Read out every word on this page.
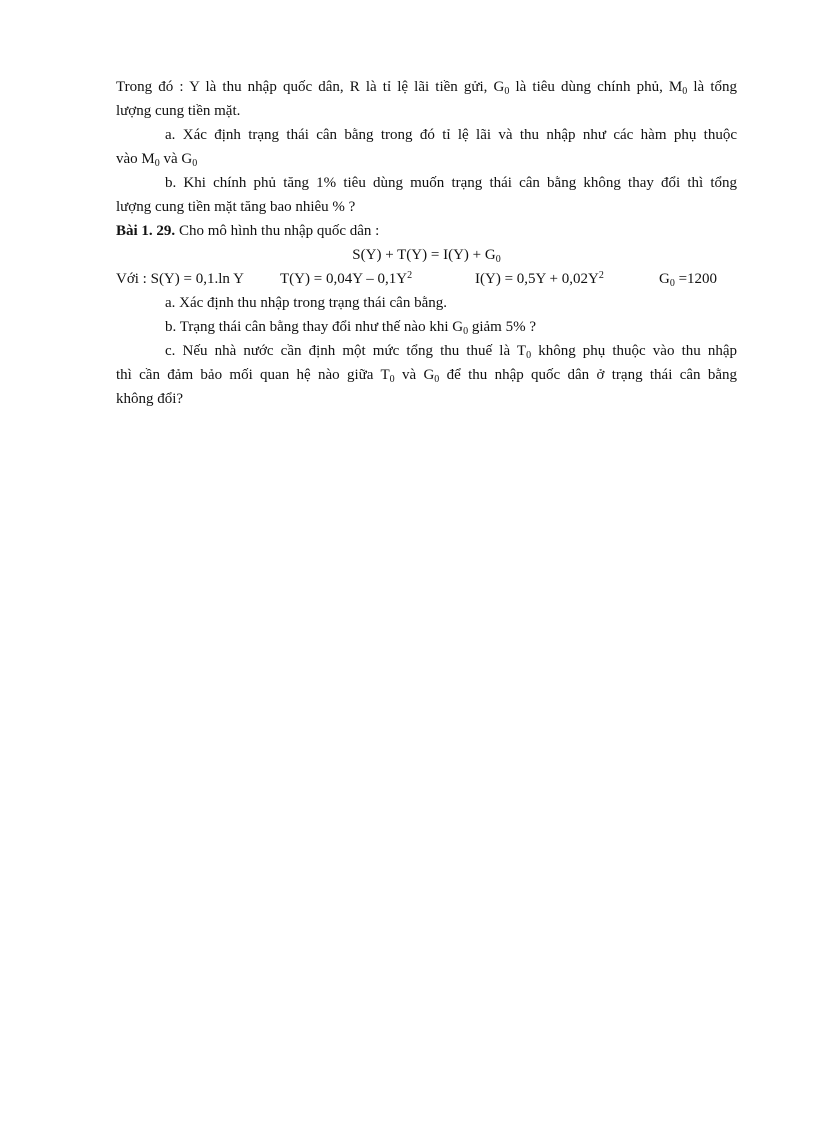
Trong đó : Y là thu nhập quốc dân, R là tỉ lệ lãi tiền gửi, $G_0$ là tiêu dùng chính phủ, $M_0$ là tổng
lượng cung tiền mặt.
a. Xác định trạng thái cân bằng trong đó tỉ lệ lãi và thu nhập như các hàm phụ thuộc
vào $M_0$ và $G_0$
b. Khi chính phủ tăng 1% tiêu dùng muốn trạng thái cân bằng không thay đổi thì tổng
lượng cung tiền mặt tăng bao nhiêu % ?
Bài 1. 29. Cho mô hình thu nhập quốc dân :
$S(Y) + T(Y) = I(Y) + G_0$
Với : S(Y) = 0,1.ln Y $T(Y) = 0,04Y - 0,1Y^2$	$I(Y) = 0,5Y + 0,02Y^2$	$G_0 =1200$
a. Xác định thu nhập trong trạng thái cân bằng.
b. Trạng thái cân bằng thay đổi như thế nào khi $G_0$ giảm 5% ?
c. Nếu nhà nước cần định một mức tổng thu thuế là $T_0$ không phụ thuộc vào thu nhập
thì cần đảm bảo mối quan hệ nào giữa $T_0$ và $G_0$ để thu nhập quốc dân ở trạng thái cân bằng
không đổi?
